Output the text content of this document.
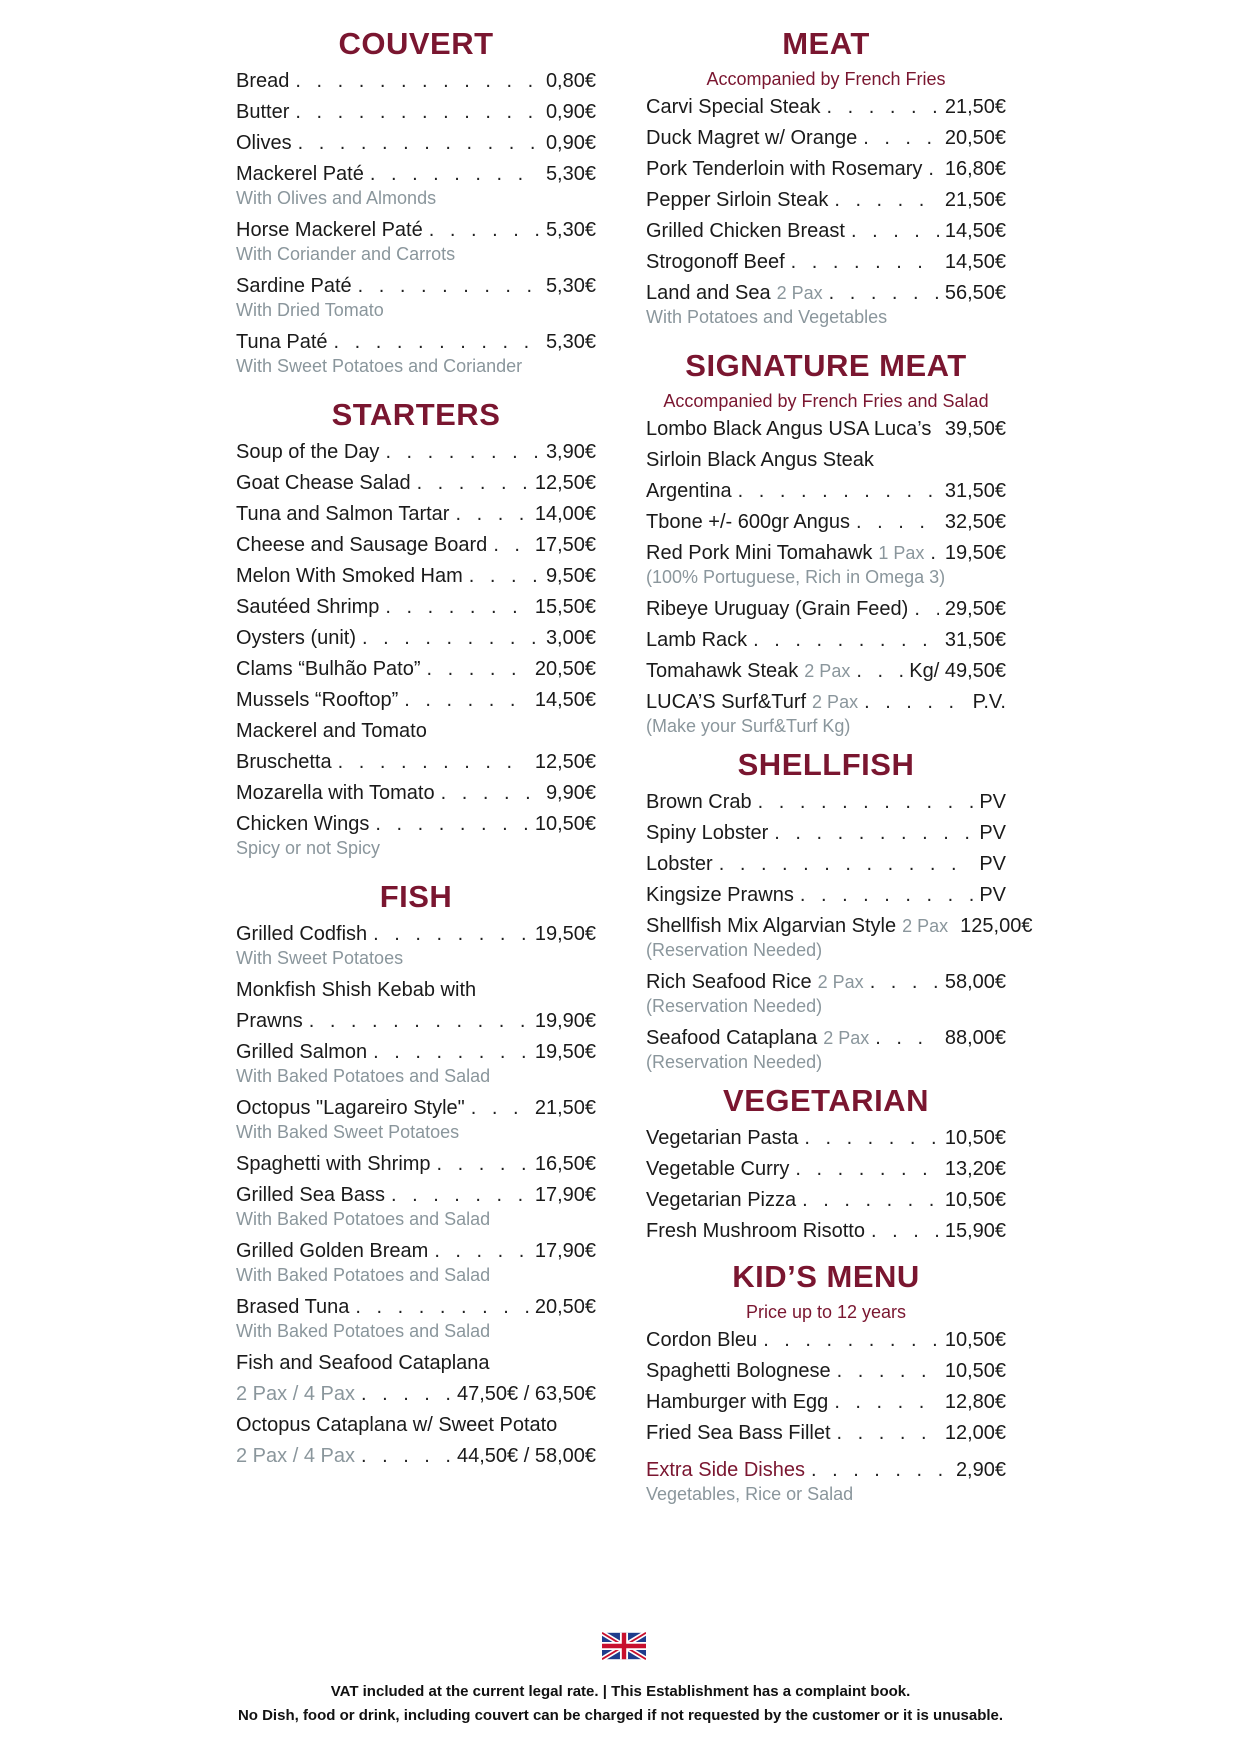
COUVERT
Bread . . .	0,80€
Butter . . .	0,90€
Olives . . .	0,90€
Mackerel Paté . . .	5,30€
With Olives and Almonds
Horse Mackerel Paté . . .	5,30€
With Coriander and Carrots
Sardine Paté . . .	5,30€
With Dried Tomato
Tuna Paté . . .	5,30€
With Sweet Potatoes and Coriander
STARTERS
Soup of the Day . . .	3,90€
Goat Chease Salad . . .	12,50€
Tuna and Salmon Tartar . . .	14,00€
Cheese and Sausage Board . . . 17,50€
Melon With Smoked Ham . . .	9,50€
Sautéed Shrimp . . .	15,50€
Oysters (unit) . . .	3,00€
Clams “Bulhão Pato” . . .	20,50€
Mussels “Rooftop” . . .	14,50€
Mackerel and Tomato
Bruschetta . . .	12,50€
Mozarella with Tomato . . .	9,90€
Chicken Wings . . .	10,50€
Spicy or not Spicy
FISH
Grilled Codfish . . .	19,50€
With Sweet Potatoes
Monkfish Shish Kebab with
Prawns . . .	19,90€
Grilled Salmon . . .	19,50€
With Baked Potatoes and Salad
Octopus "Lagareiro Style" . . .	21,50€
With Baked Sweet Potatoes
Spaghetti with Shrimp . . .	16,50€
Grilled Sea Bass . . .	17,90€
With Baked Potatoes and Salad
Grilled Golden Bream . . .	17,90€
With Baked Potatoes and Salad
Brased Tuna . . .	20,50€
With Baked Potatoes and Salad
Fish and Seafood Cataplana
2 Pax / 4 Pax . . .	47,50€ / 63,50€
Octopus Cataplana w/ Sweet Potato
2 Pax / 4 Pax . . .	44,50€ / 58,00€
MEAT
Accompanied by French Fries
Carvi Special Steak . . .	21,50€
Duck Magret w/ Orange . . .	20,50€
Pork Tenderloin with Rosemary . . . 16,80€
Pepper Sirloin Steak . . .	21,50€
Grilled Chicken Breast . . .	14,50€
Strogonoff Beef . . .	14,50€
Land and Sea 2 Pax . . .	56,50€
With Potatoes and Vegetables
SIGNATURE MEAT
Accompanied by French Fries and Salad
Lombo Black Angus USA Luca’s . . . 39,50€
Sirloin Black Angus Steak
Argentina . . .	31,50€
Tbone +/- 600gr Angus . . .	32,50€
Red Pork Mini Tomahawk 1 Pax . . . 19,50€
(100% Portuguese, Rich in Omega 3)
Ribeye Uruguay (Grain Feed) . . . 29,50€
Lamb Rack . . .	31,50€
Tomahawk Steak 2 Pax . . .	Kg/ 49,50€
LUCA’S Surf&Turf 2 Pax . . .	P.V.
(Make your Surf&Turf Kg)
SHELLFISH
Brown Crab . . .	PV
Spiny Lobster . . .	PV
Lobster . . .	PV
Kingsize Prawns . . .	PV
Shellfish Mix Algarvian Style 2 Pax 125,00€
(Reservation Needed)
Rich Seafood Rice 2 Pax . . .	58,00€
(Reservation Needed)
Seafood Cataplana 2 Pax . . .	88,00€
(Reservation Needed)
VEGETARIAN
Vegetarian Pasta . . .	10,50€
Vegetable Curry . . .	13,20€
Vegetarian Pizza . . .	10,50€
Fresh Mushroom Risotto . . .	15,90€
KID’S MENU
Price up to 12 years
Cordon Bleu . . .	10,50€
Spaghetti Bolognese . . .	10,50€
Hamburger with Egg . . .	12,80€
Fried Sea Bass Fillet . . .	12,00€
Extra Side Dishes . . .	2,90€
Vegetables, Rice or Salad
VAT included at the current legal rate. | This Establishment has a complaint book.
No Dish, food or drink, including couvert can be charged if not requested by the customer or it is unusable.
